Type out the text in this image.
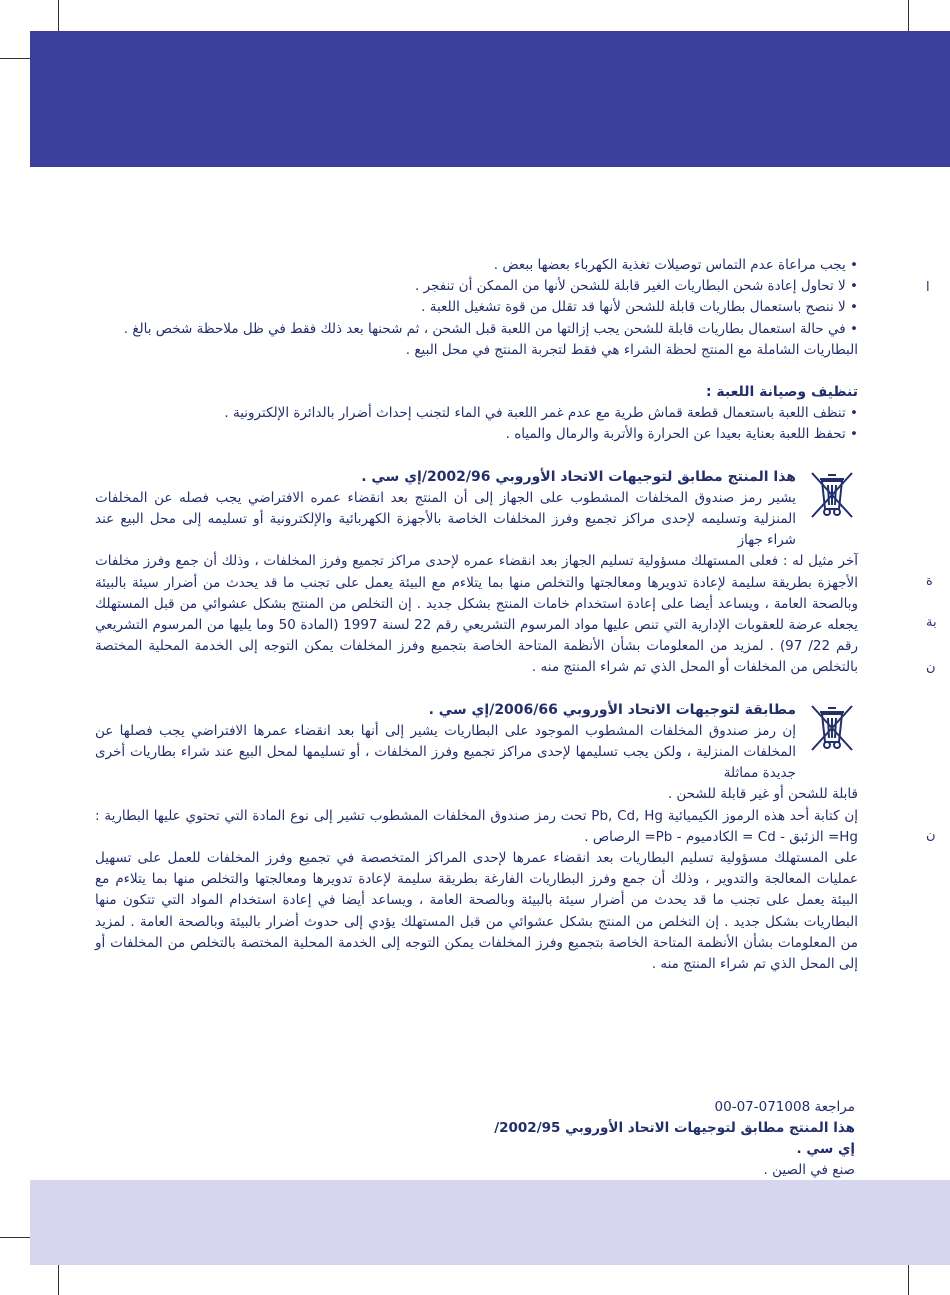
ا
ة
بة
ن
ن

• يجب مراعاة عدم التماس توصيلات تغذية الكهرباء بعضها ببعض .

• لا تحاول إعادة شحن البطاريات الغير قابلة للشحن لأنها من الممكن أن تنفجر .

• لا ننصح باستعمال بطاريات قابلة للشحن لأنها قد تقلل من قوة تشغيل اللعبة .

• في حالة استعمال بطاريات قابلة للشحن يجب إزالتها من اللعبة قبل الشحن ، ثم شحنها بعد ذلك فقط في ظل ملاحظة شخص بالغ .

البطاريات الشاملة مع المنتج لحظة الشراء هي فقط لتجربة المنتج في محل البيع .

تنظيف وصيانة اللعبة :

• تنظف اللعبة باستعمال قطعة قماش طرية مع عدم غمر اللعبة في الماء لتجنب إحداث أضرار بالدائرة الإلكترونية .

• تحفظ اللعبة بعناية بعيدا عن الحرارة والأتربة والرمال والمياه .

هذا المنتج مطابق لتوجيهات الاتحاد الأوروبي 2002/96/إي سي .

يشير رمز صندوق المخلفات المشطوب على الجهاز إلى أن المنتج بعد انقضاء عمره الافتراضي يجب فصله عن المخلفات المنزلية وتسليمه لإحدى مراكز تجميع وفرز المخلفات الخاصة بالأجهزة الكهربائية والإلكترونية أو تسليمه إلى محل البيع عند شراء جهاز

آخر مثيل له : فعلى المستهلك مسؤولية تسليم الجهاز بعد انقضاء عمره لإحدى مراكز تجميع وفرز المخلفات ، وذلك أن جمع وفرز مخلفات الأجهزة بطريقة سليمة لإعادة تدويرها ومعالجتها والتخلص منها بما يتلاءم مع البيئة يعمل على تجنب ما قد يحدث من أضرار سيئة بالبيئة وبالصحة العامة ، ويساعد أيضا على إعادة استخدام خامات المنتج بشكل جديد . إن التخلص من المنتج بشكل عشوائي من قبل المستهلك يجعله عرضة للعقوبات الإدارية التي تنص عليها مواد المرسوم التشريعي رقم 22 لسنة 1997 (المادة 50 وما يليها من المرسوم التشريعي رقم 22/ 97) . لمزيد من المعلومات بشأن الأنظمة المتاحة الخاصة بتجميع وفرز المخلفات يمكن التوجه إلى الخدمة المحلية المختصة بالتخلص من المخلفات أو المحل الذي تم شراء المنتج منه .

مطابقة لتوجيهات الاتحاد الأوروبي 2006/66/إي سي .

إن رمز صندوق المخلفات المشطوب الموجود على البطاريات يشير إلى أنها بعد انقضاء عمرها الافتراضي يجب فصلها عن المخلفات المنزلية ، ولكن يجب تسليمها لإحدى مراكز تجميع وفرز المخلفات ، أو تسليمها لمحل البيع عند شراء بطاريات أخرى جديدة مماثلة

قابلة للشحن أو غير قابلة للشحن .

إن كتابة أحد هذه الرموز الكيميائية Pb, Cd, Hg تحت رمز صندوق المخلفات المشطوب تشير إلى نوع المادة التي تحتوي عليها البطارية : Hg= الزئبق - Cd = الكادميوم - Pb= الرصاص .

على المستهلك مسؤولية تسليم البطاريات بعد انقضاء عمرها لإحدى المراكز المتخصصة في تجميع وفرز المخلفات للعمل على تسهيل عمليات المعالجة والتدوير ، وذلك أن جمع وفرز البطاريات الفارغة بطريقة سليمة لإعادة تدويرها ومعالجتها والتخلص منها بما يتلاءم مع البيئة يعمل على تجنب ما قد يحدث من أضرار سيئة بالبيئة وبالصحة العامة ، ويساعد أيضا في إعادة استخدام المواد التي تتكون منها البطاريات بشكل جديد . إن التخلص من المنتج بشكل عشوائي من قبل المستهلك يؤدي إلى حدوث أضرار بالبيئة وبالصحة العامة . لمزيد من المعلومات بشأن الأنظمة المتاحة الخاصة بتجميع وفرز المخلفات يمكن التوجه إلى الخدمة المحلية المختصة بالتخلص من المخلفات أو إلى المحل الذي تم شراء المنتج منه .

مراجعة 071008-07-00

هذا المنتج مطابق لتوجيهات الاتحاد الأوروبي 2002/95/إي سي .

صنع في الصين .
